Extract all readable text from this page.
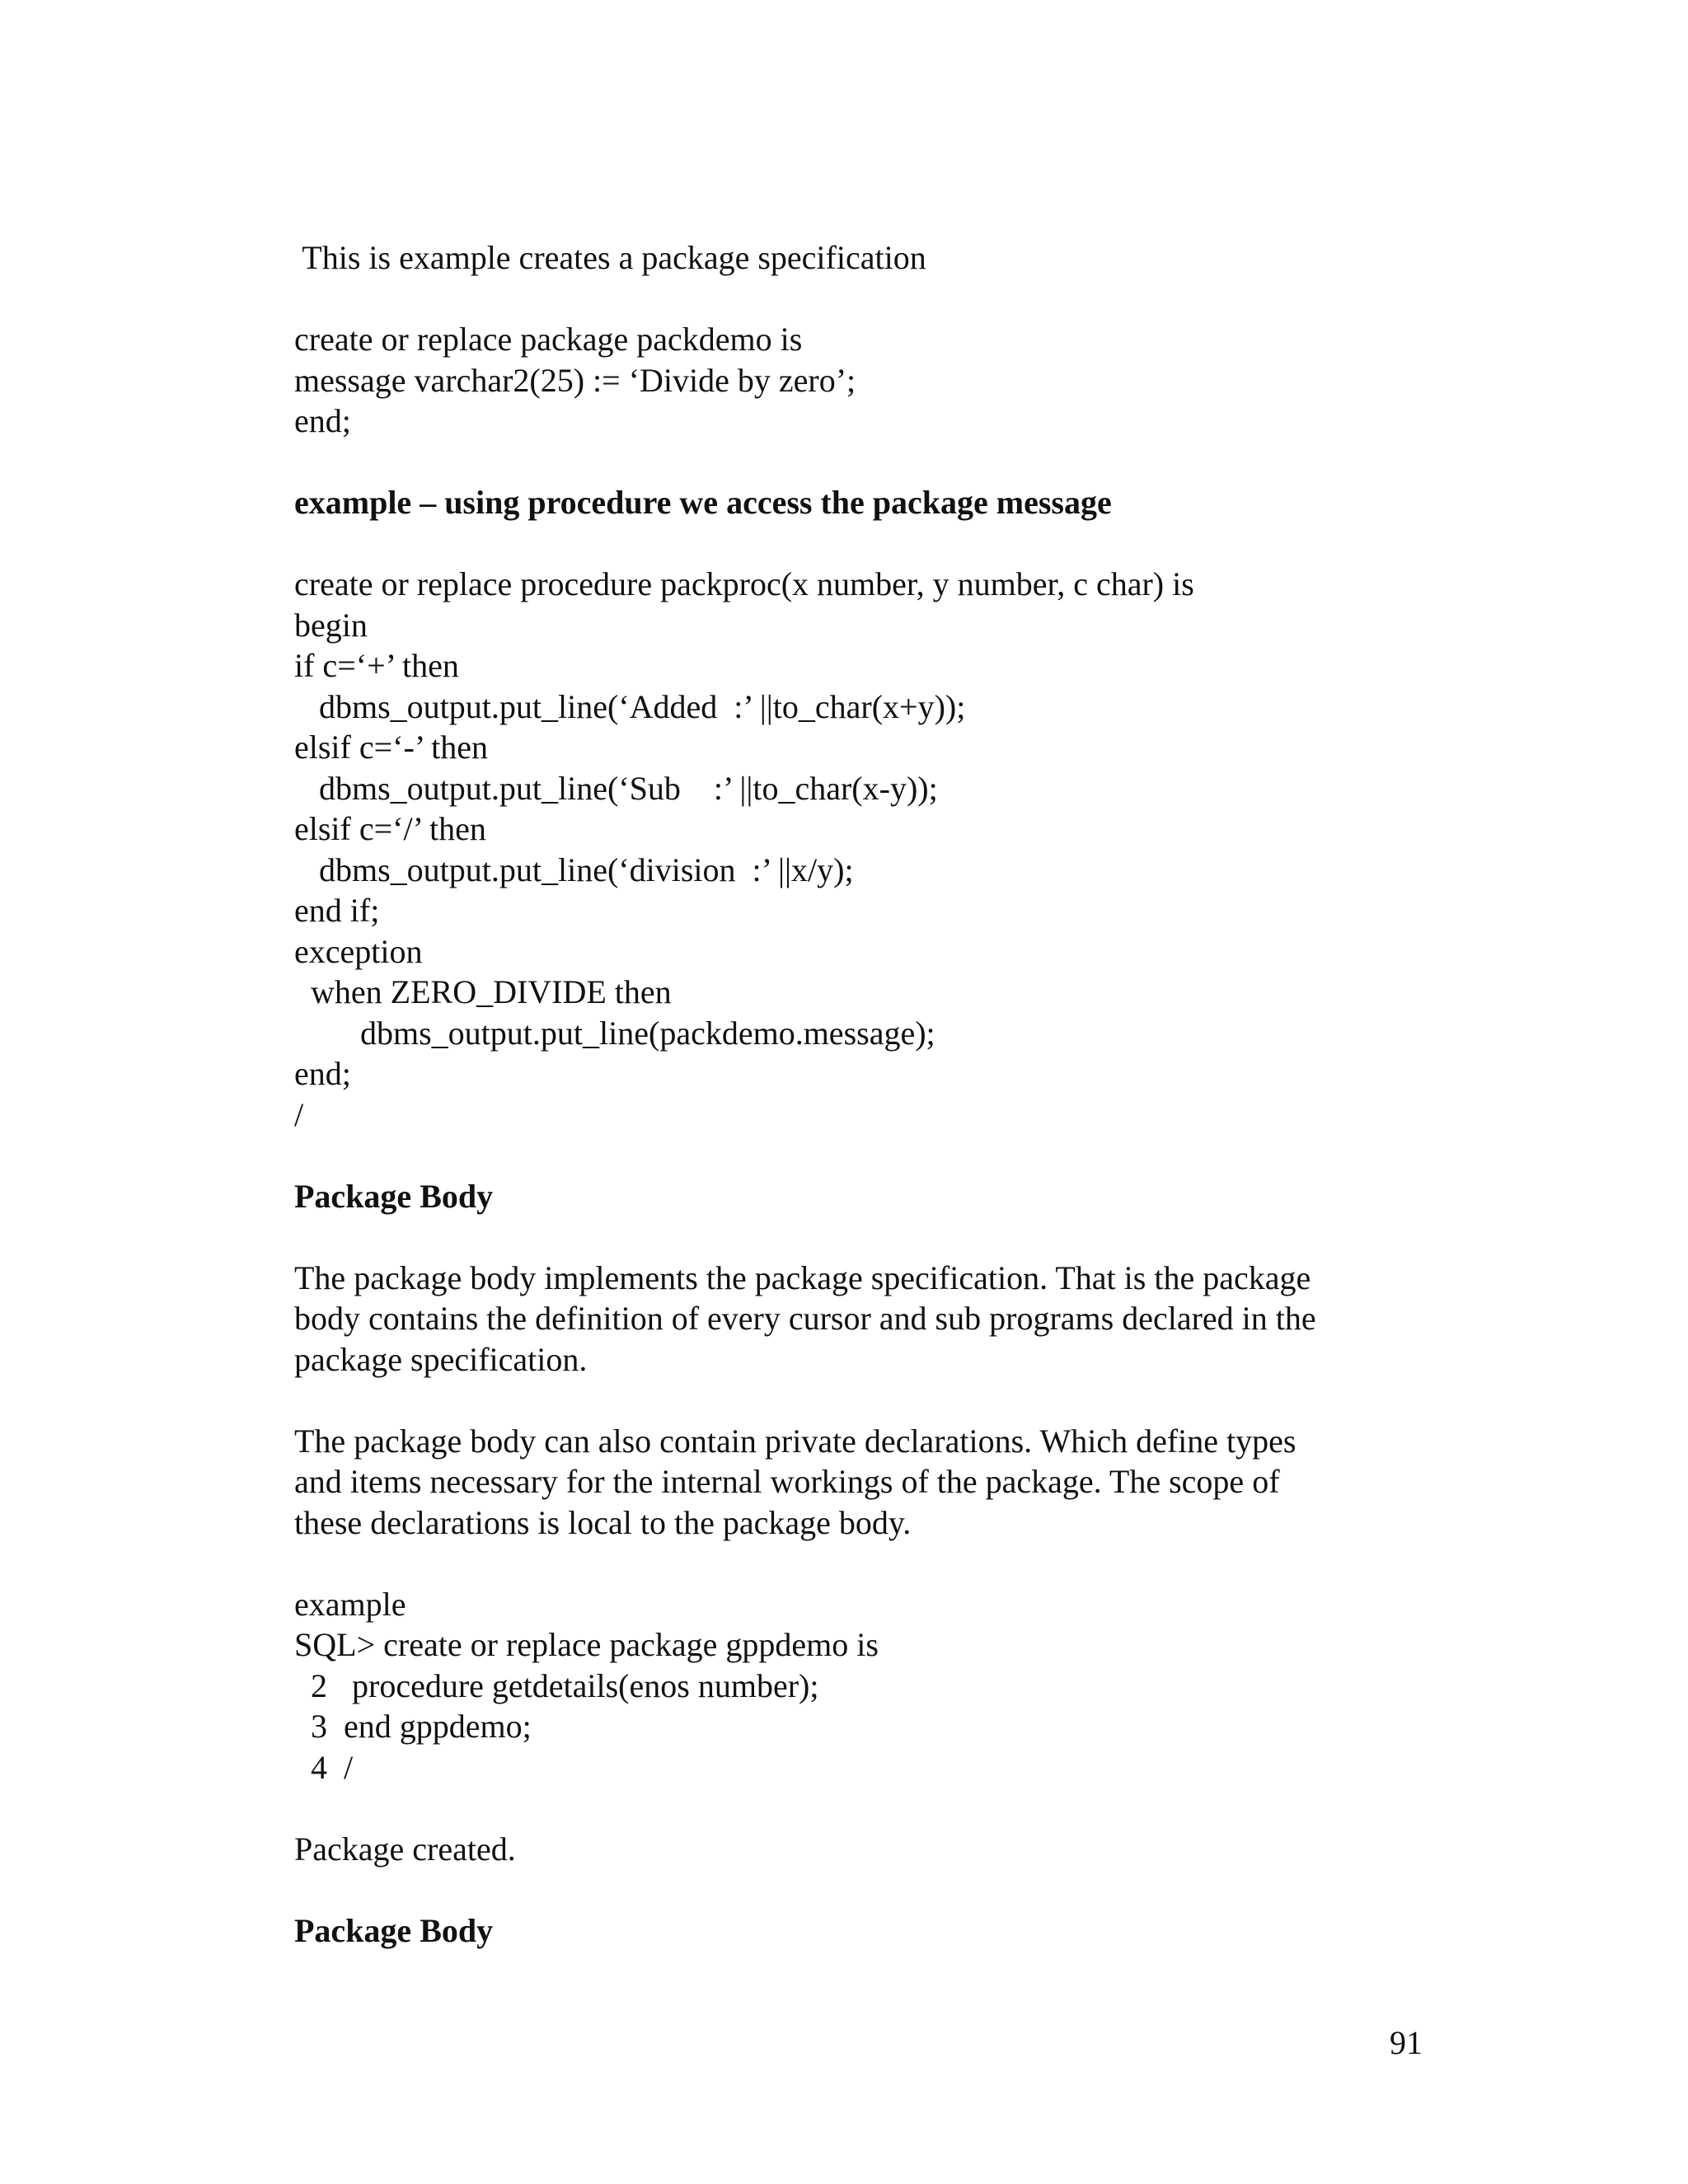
This is example creates a package specification
create or replace package packdemo is
message varchar2(25) := ‘Divide by zero’;
end;
example – using procedure we access the package message
create or replace procedure packproc(x number, y number, c char) is
begin
if c=‘+’ then
dbms_output.put_line(‘Added  :’ ||to_char(x+y));
elsif c=‘-’ then
dbms_output.put_line(‘Sub    :’ ||to_char(x-y));
elsif c=‘/’ then
dbms_output.put_line(‘division  :’ ||x/y);
end if;
exception
when ZERO_DIVIDE then
dbms_output.put_line(packdemo.message);
end;
/
Package Body
The package body implements the package specification. That is the package
body contains the definition of every cursor and sub programs declared in the
package specification.
The package body can also contain private declarations. Which define types
and items necessary for the internal workings of the package. The scope of
these declarations is local to the package body.
example
SQL> create or replace package gppdemo is
2   procedure getdetails(enos number);
3  end gppdemo;
4  /
Package created.
Package Body
91
